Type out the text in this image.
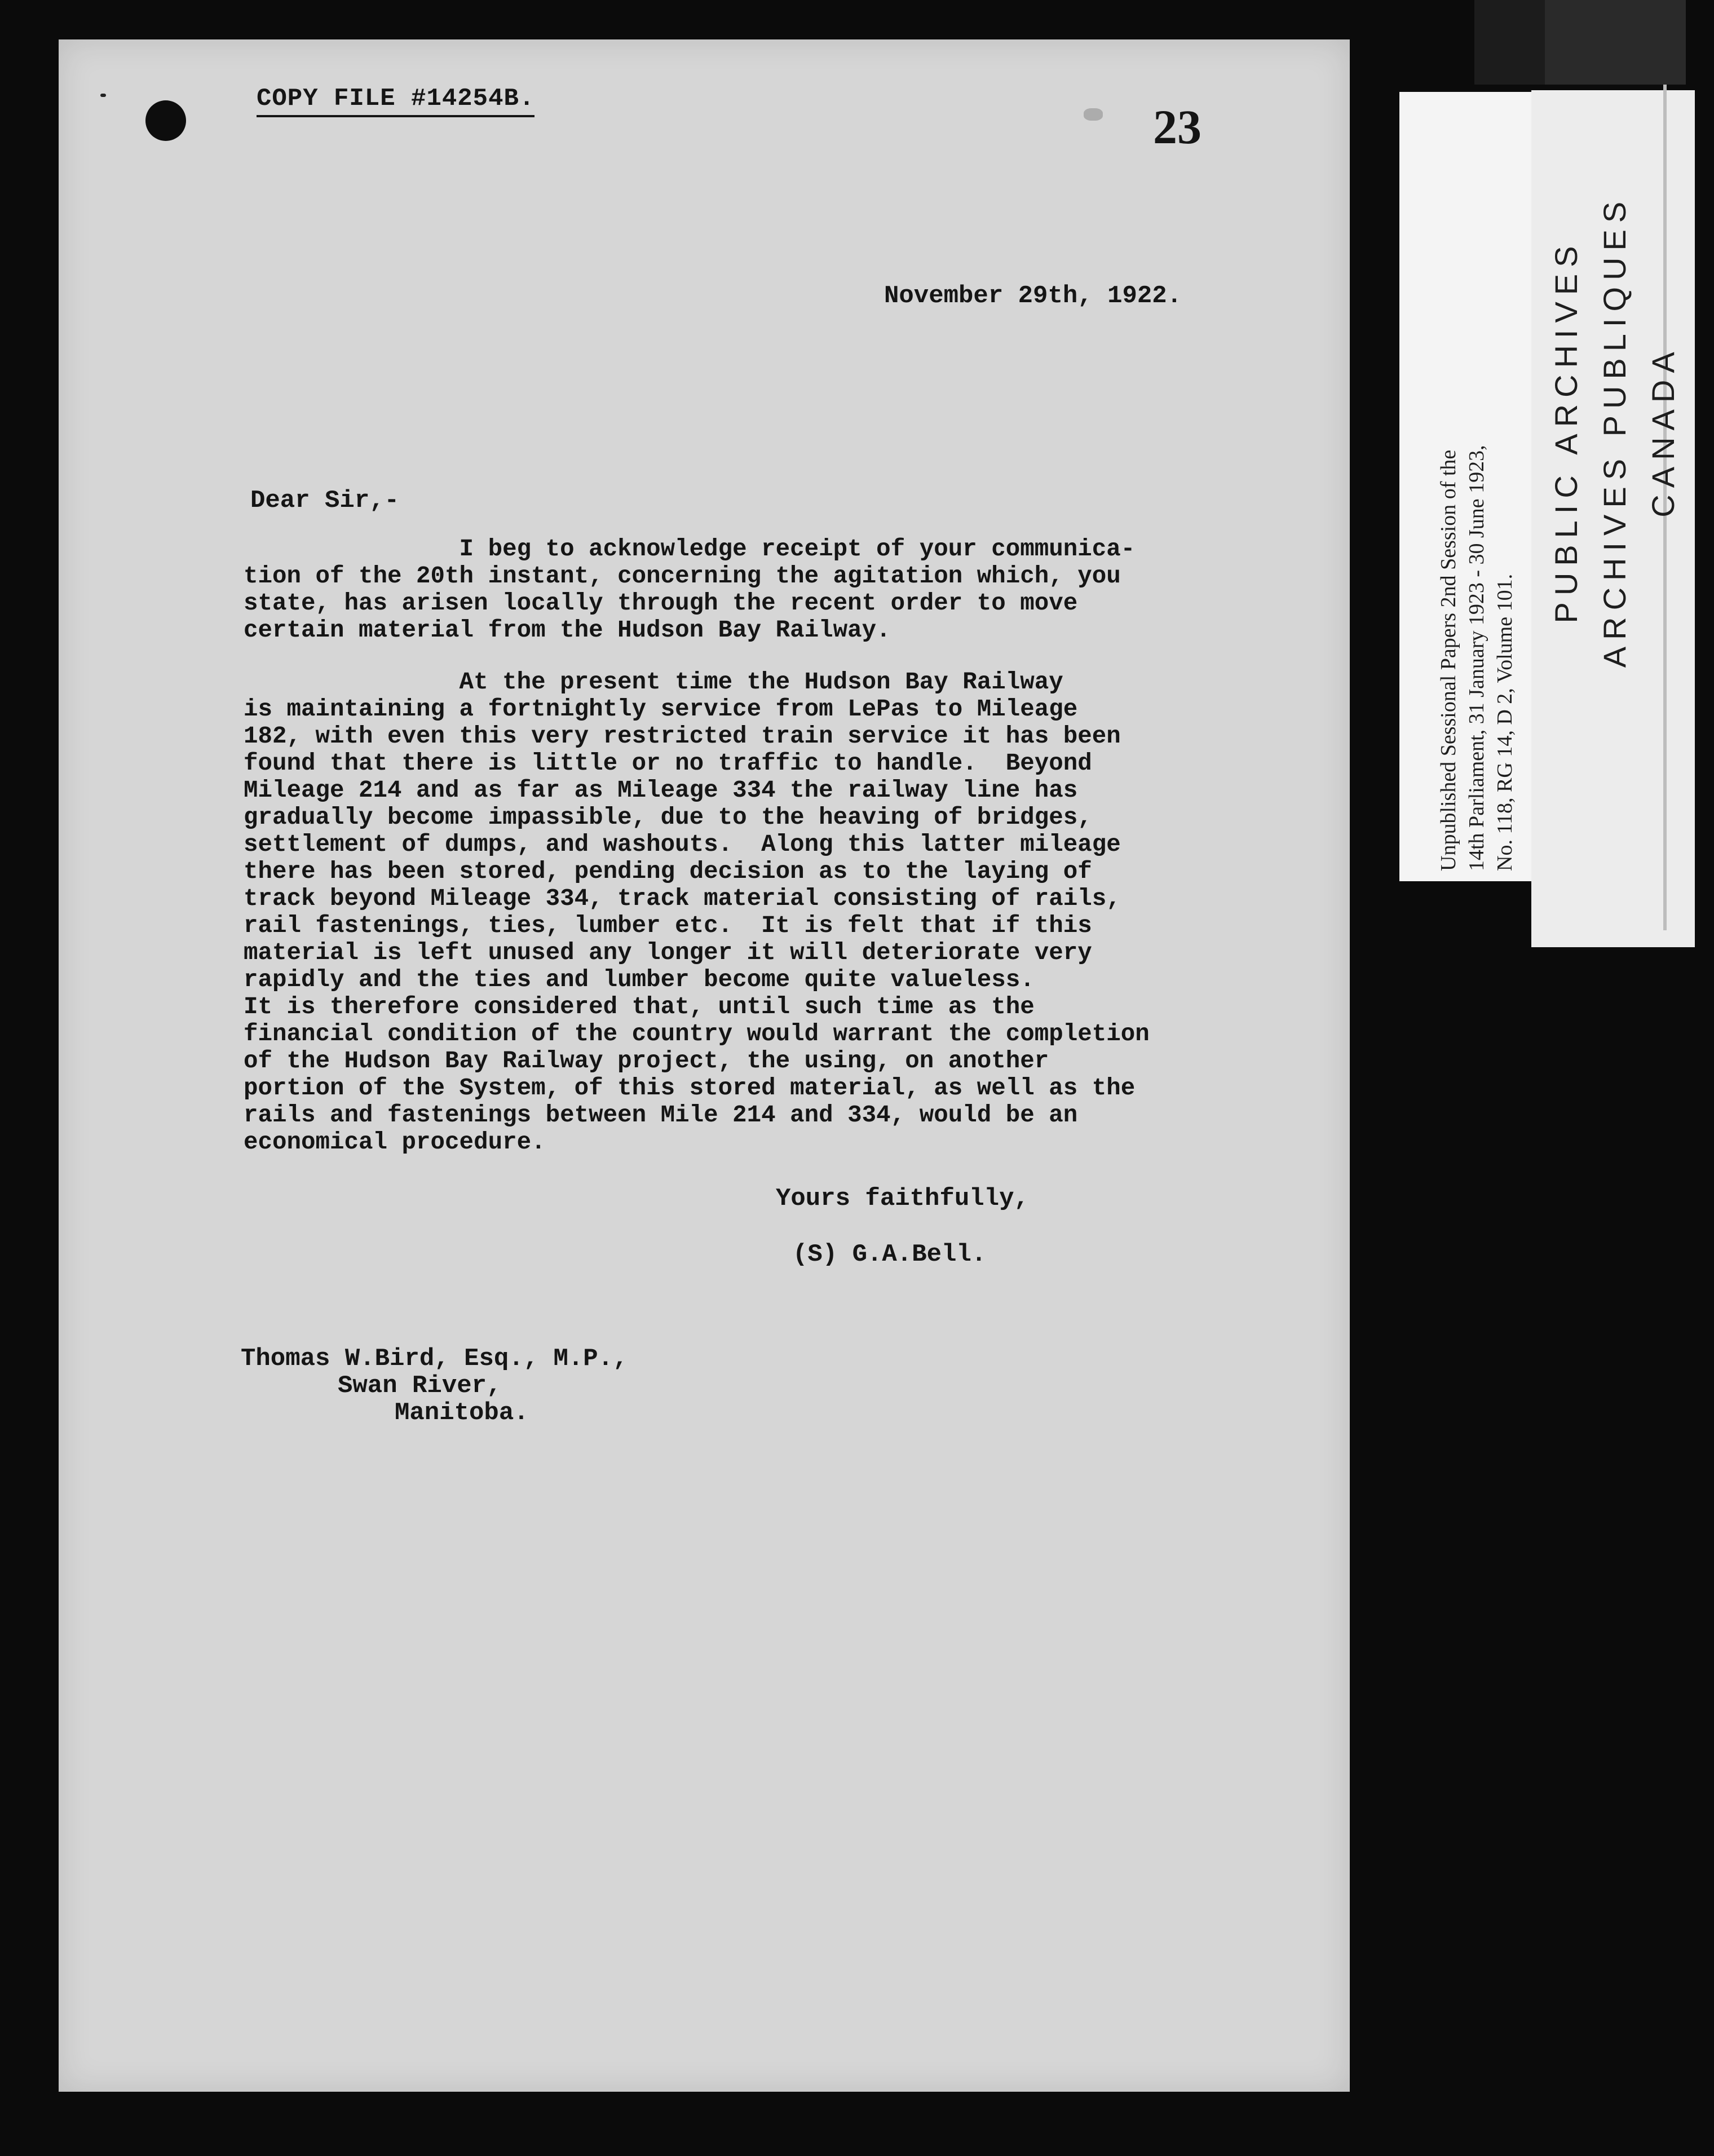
COPY FILE #14254B.
23
November 29th, 1922.
Dear Sir,-
I beg to acknowledge receipt of your communica-
tion of the 20th instant, concerning the agitation which, you
state, has arisen locally through the recent order to move
certain material from the Hudson Bay Railway.
At the present time the Hudson Bay Railway
is maintaining a fortnightly service from LePas to Mileage
182, with even this very restricted train service it has been
found that there is little or no traffic to handle.  Beyond
Mileage 214 and as far as Mileage 334 the railway line has
gradually become impassible, due to the heaving of bridges,
settlement of dumps, and washouts.  Along this latter mileage
there has been stored, pending decision as to the laying of
track beyond Mileage 334, track material consisting of rails,
rail fastenings, ties, lumber etc.  It is felt that if this
material is left unused any longer it will deteriorate very
rapidly and the ties and lumber become quite valueless.
It is therefore considered that, until such time as the
financial condition of the country would warrant the completion
of the Hudson Bay Railway project, the using, on another
portion of the System, of this stored material, as well as the
rails and fastenings between Mile 214 and 334, would be an
economical procedure.
Yours faithfully,
(S) G.A.Bell.
Thomas W.Bird, Esq., M.P.,
Swan River,
Manitoba.
Unpublished Sessional Papers 2nd Session of the
14th Parliament, 31 January 1923 - 30 June 1923,
No. 118, RG 14, D 2, Volume 101. PUBLIC ARCHIVES
ARCHIVES PUBLIQUES
CANADA
